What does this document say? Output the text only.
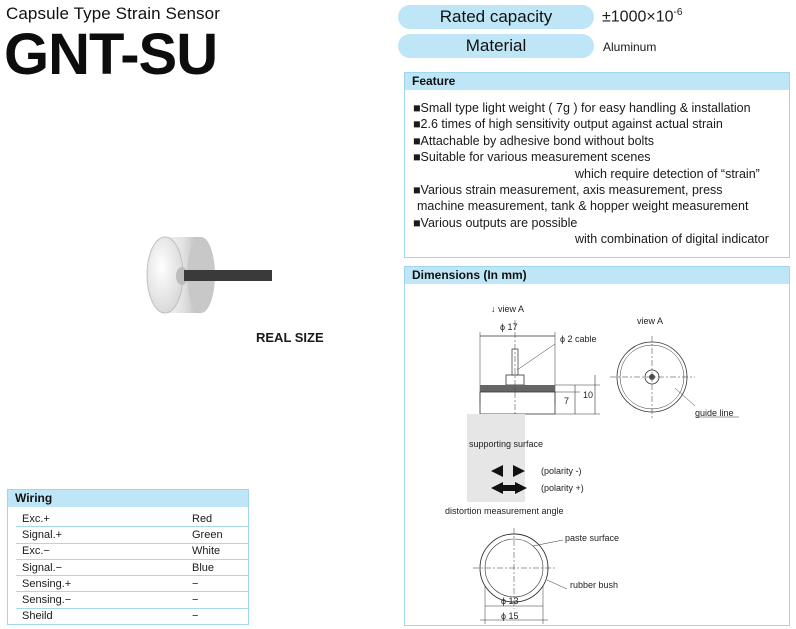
Capsule Type Strain Sensor
GNT-SU
Rated capacity	$\pm 1000\times 10^{-6}$
Material	Aluminum
Feature
■Small type light weight ( 7g ) for easy handling & installation
■2.6 times of high sensitivity output against actual strain
■Attachable by adhesive bond without bolts
■Suitable for various measurement scenes
which require detection of “strain”
■Various strain measurement, axis measurement, press
machine measurement, tank & hopper weight measurement
■Various outputs are possible
with combination of digital indicator
REAL SIZE
Dimensions (In mm)
↓ view A
ϕ 17
ϕ 2 cable
7
10
view A
guide line
supporting surface
(polarity -)
(polarity +)
distortion measurement angle
paste surface
rubber bush
ϕ 13
ϕ 15
Wiring
Exc.+	Red
Signal.+	Green
Exc.−	White
Signal.−	Blue
Sensing.+	−
Sensing.−	−
Sheild	−
